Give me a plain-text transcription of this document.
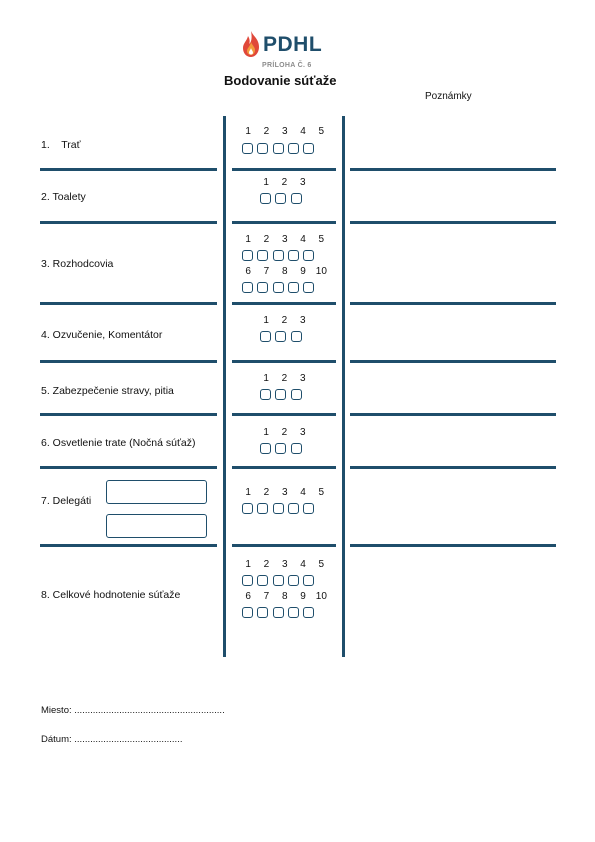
PDHL
PRÍLOHA Č. 6
Bodovanie súťaže
Poznámky
1.    Trať
1	2	3	4	5
2. Toalety
1	2	3
3. Rozhodcovia
1	2	3	4	5
6	7	8	9 10
4. Ozvučenie, Komentátor
1	2	3
5. Zabezpečenie stravy, pitia
1	2	3
6. Osvetlenie trate (Nočná súťaž)
1	2	3
7. Delegáti
1	2	3	4	5
8. Celkové hodnotenie súťaže
1	2	3	4	5
6	7	8	9 10
Miesto: .........................................................
Dátum: .........................................
